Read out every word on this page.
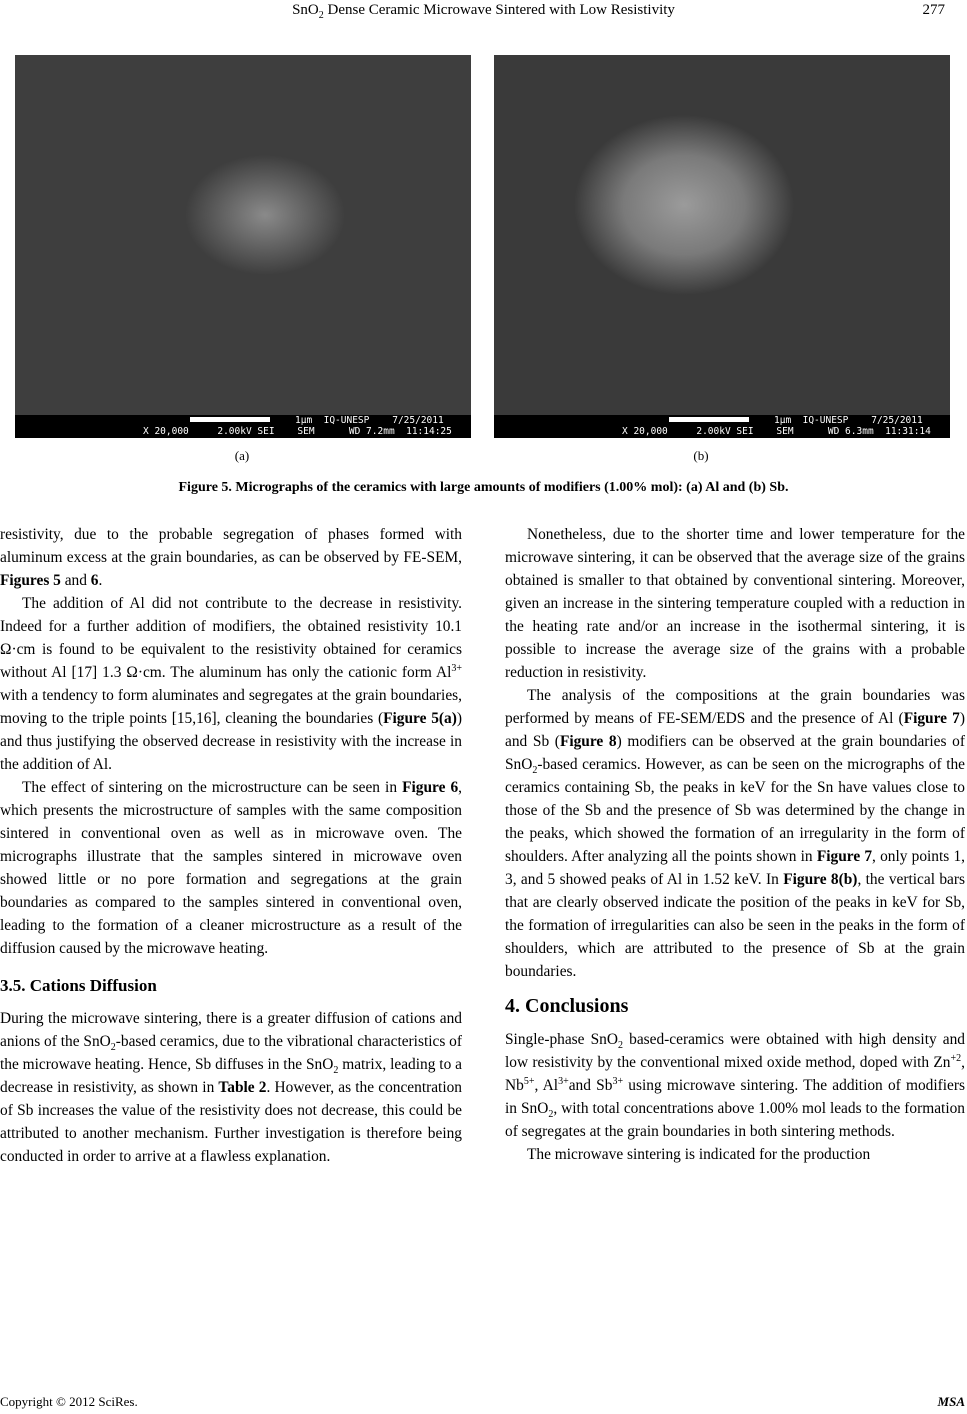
SnO$_2$ Dense Ceramic Microwave Sintered with Low Resistivity	277
1μm  IQ-UNESP    7/25/2011
X 20,000     2.00kV SEI    SEM      WD 7.2mm  11:14:25
1μm  IQ-UNESP    7/25/2011
X 20,000     2.00kV SEI    SEM      WD 6.3mm  11:31:14
(a)	(b)
Figure 5. Micrographs of the ceramics with large amounts of modifiers (1.00% mol): (a) Al and (b) Sb.

resistivity, due to the probable segregation of phases formed with aluminum excess at the grain boundaries, as can be observed by FE-SEM, Figures 5 and 6.

The addition of Al did not contribute to the decrease in resistivity. Indeed for a further addition of modifiers, the obtained resistivity 10.1 Ω·cm is found to be equivalent to the resistivity obtained for ceramics without Al [17] 1.3 Ω·cm. The aluminum has only the cationic form $Al^{3+}$ with a tendency to form aluminates and segregates at the grain boundaries, moving to the triple points [15,16], cleaning the boundaries (Figure 5(a)) and thus justifying the observed decrease in resistivity with the increase in the addition of Al.

The effect of sintering on the microstructure can be seen in Figure 6, which presents the microstructure of samples with the same composition sintered in conventional oven as well as in microwave oven. The micrographs illustrate that the samples sintered in microwave oven showed little or no pore formation and segregations at the grain boundaries as compared to the samples sintered in conventional oven, leading to the formation of a cleaner microstructure as a result of the diffusion caused by the microwave heating.

3.5. Cations Diffusion

During the microwave sintering, there is a greater diffusion of cations and anions of the SnO$_2$-based ceramics, due to the vibrational characteristics of the microwave heating. Hence, Sb diffuses in the SnO$_2$ matrix, leading to a decrease in resistivity, as shown in Table 2. However, as the concentration of Sb increases the value of the resistivity does not decrease, this could be attributed to another mechanism. Further investigation is therefore being conducted in order to arrive at a flawless explanation.

Nonetheless, due to the shorter time and lower temperature for the microwave sintering, it can be observed that the average size of the grains obtained is smaller to that obtained by conventional sintering. Moreover, given an increase in the sintering temperature coupled with a reduction in the heating rate and/or an increase in the isothermal sintering, it is possible to increase the average size of the grains with a probable reduction in resistivity.

The analysis of the compositions at the grain boundaries was performed by means of FE-SEM/EDS and the presence of Al (Figure 7) and Sb (Figure 8) modifiers can be observed at the grain boundaries of SnO$_2$-based ceramics. However, as can be seen on the micrographs of the ceramics containing Sb, the peaks in keV for the Sn have values close to those of the Sb and the presence of Sb was determined by the change in the peaks, which showed the formation of an irregularity in the form of shoulders. After analyzing all the points shown in Figure 7, only points 1, 3, and 5 showed peaks of Al in 1.52 keV. In Figure 8(b), the vertical bars that are clearly observed indicate the position of the peaks in keV for Sb, the formation of irregularities can also be seen in the peaks in the form of shoulders, which are attributed to the presence of Sb at the grain boundaries.

4. Conclusions

Single-phase SnO$_2$ based-ceramics were obtained with high density and low resistivity by the conventional mixed oxide method, doped with $Zn^{+2}$, $Nb^{5+}$, $Al^{3+}and$ $Sb^{3+}$ using microwave sintering. The addition of modifiers in SnO$_2$, with total concentrations above 1.00% mol leads to the formation of segregates at the grain boundaries in both sintering methods.

The microwave sintering is indicated for the production

Copyright © 2012 SciRes.	MSA
